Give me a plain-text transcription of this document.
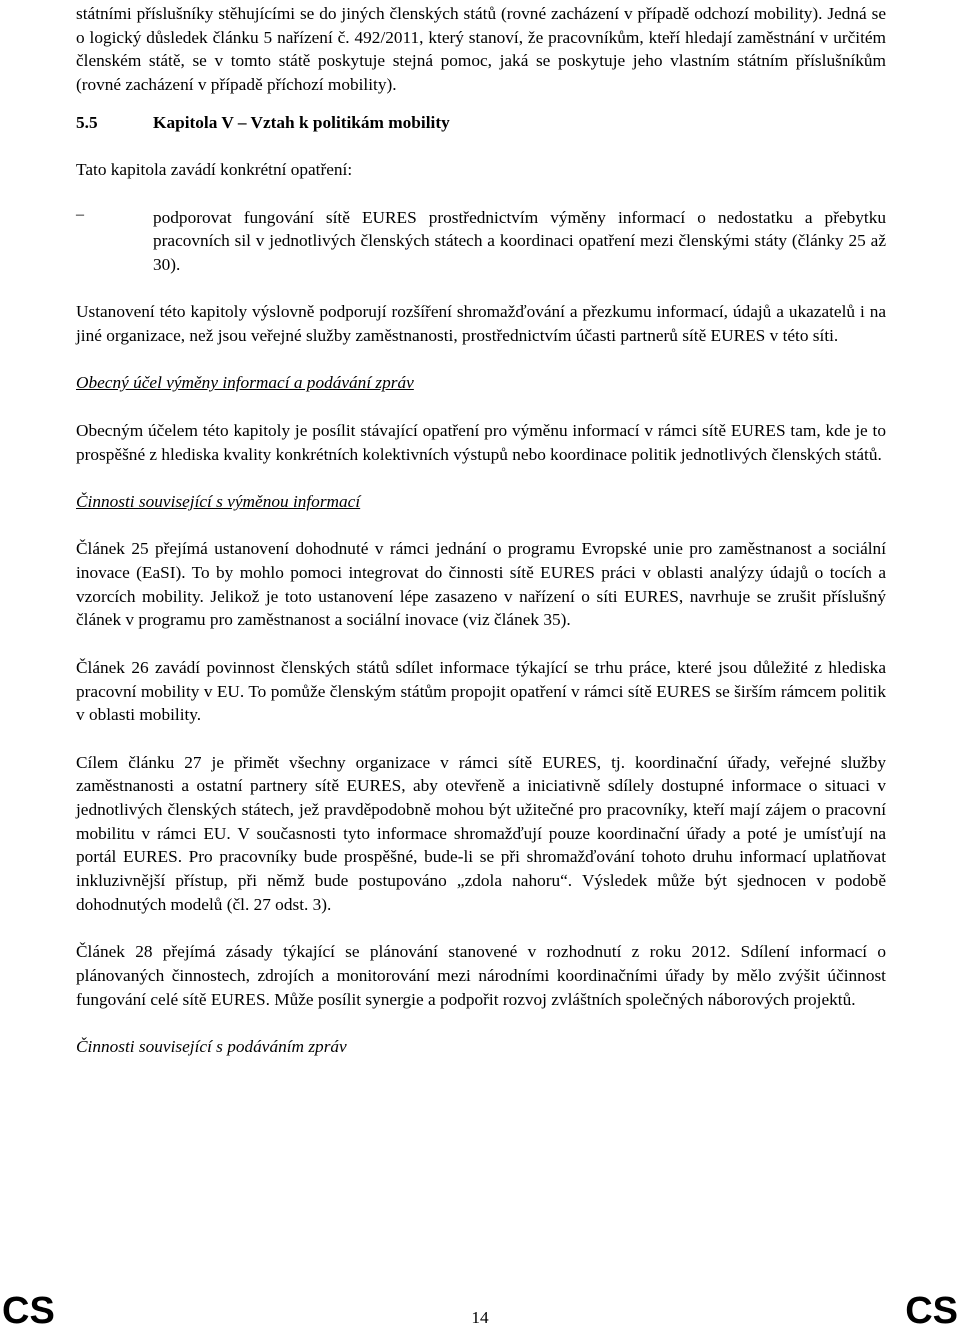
státními příslušníky stěhujícími se do jiných členských států (rovné zacházení v případě odchozí mobility). Jedná se o logický důsledek článku 5 nařízení č. 492/2011, který stanoví, že pracovníkům, kteří hledají zaměstnání v určitém členském státě, se v tomto státě poskytuje stejná pomoc, jaká se poskytuje jeho vlastním státním příslušníkům (rovné zacházení v případě příchozí mobility).

5.5	Kapitola V – Vztah k politikám mobility

Tato kapitola zavádí konkrétní opatření:

–	podporovat fungování sítě EURES prostřednictvím výměny informací o nedostatku a přebytku pracovních sil v jednotlivých členských státech a koordinaci opatření mezi členskými státy (články 25 až 30).

Ustanovení této kapitoly výslovně podporují rozšíření shromažďování a přezkumu informací, údajů a ukazatelů i na jiné organizace, než jsou veřejné služby zaměstnanosti, prostřednictvím účasti partnerů sítě EURES v této síti.

Obecný účel výměny informací a podávání zpráv

Obecným účelem této kapitoly je posílit stávající opatření pro výměnu informací v rámci sítě EURES tam, kde je to prospěšné z hlediska kvality konkrétních kolektivních výstupů nebo koordinace politik jednotlivých členských států.

Činnosti související s výměnou informací

Článek 25 přejímá ustanovení dohodnuté v rámci jednání o programu Evropské unie pro zaměstnanost a sociální inovace (EaSI). To by mohlo pomoci integrovat do činnosti sítě EURES práci v oblasti analýzy údajů o tocích a vzorcích mobility. Jelikož je toto ustanovení lépe zasazeno v nařízení o síti EURES, navrhuje se zrušit příslušný článek v programu pro zaměstnanost a sociální inovace (viz článek 35).

Článek 26 zavádí povinnost členských států sdílet informace týkající se trhu práce, které jsou důležité z hlediska pracovní mobility v EU. To pomůže členským státům propojit opatření v rámci sítě EURES se širším rámcem politik v oblasti mobility.

Cílem článku 27 je přimět všechny organizace v rámci sítě EURES, tj. koordinační úřady, veřejné služby zaměstnanosti a ostatní partnery sítě EURES, aby otevřeně a iniciativně sdílely dostupné informace o situaci v jednotlivých členských státech, jež pravděpodobně mohou být užitečné pro pracovníky, kteří mají zájem o pracovní mobilitu v rámci EU. V současnosti tyto informace shromažďují pouze koordinační úřady a poté je umísťují na portál EURES. Pro pracovníky bude prospěšné, bude-li se při shromažďování tohoto druhu informací uplatňovat inkluzivnější přístup, při němž bude postupováno „zdola nahoru“. Výsledek může být sjednocen v podobě dohodnutých modelů (čl. 27 odst. 3).

Článek 28 přejímá zásady týkající se plánování stanovené v rozhodnutí z roku 2012. Sdílení informací o plánovaných činnostech, zdrojích a monitorování mezi národními koordinačními úřady by mělo zvýšit účinnost fungování celé sítě EURES. Může posílit synergie a podpořit rozvoj zvláštních společných náborových projektů.

Činnosti související s podáváním zpráv

CS	14	CS
